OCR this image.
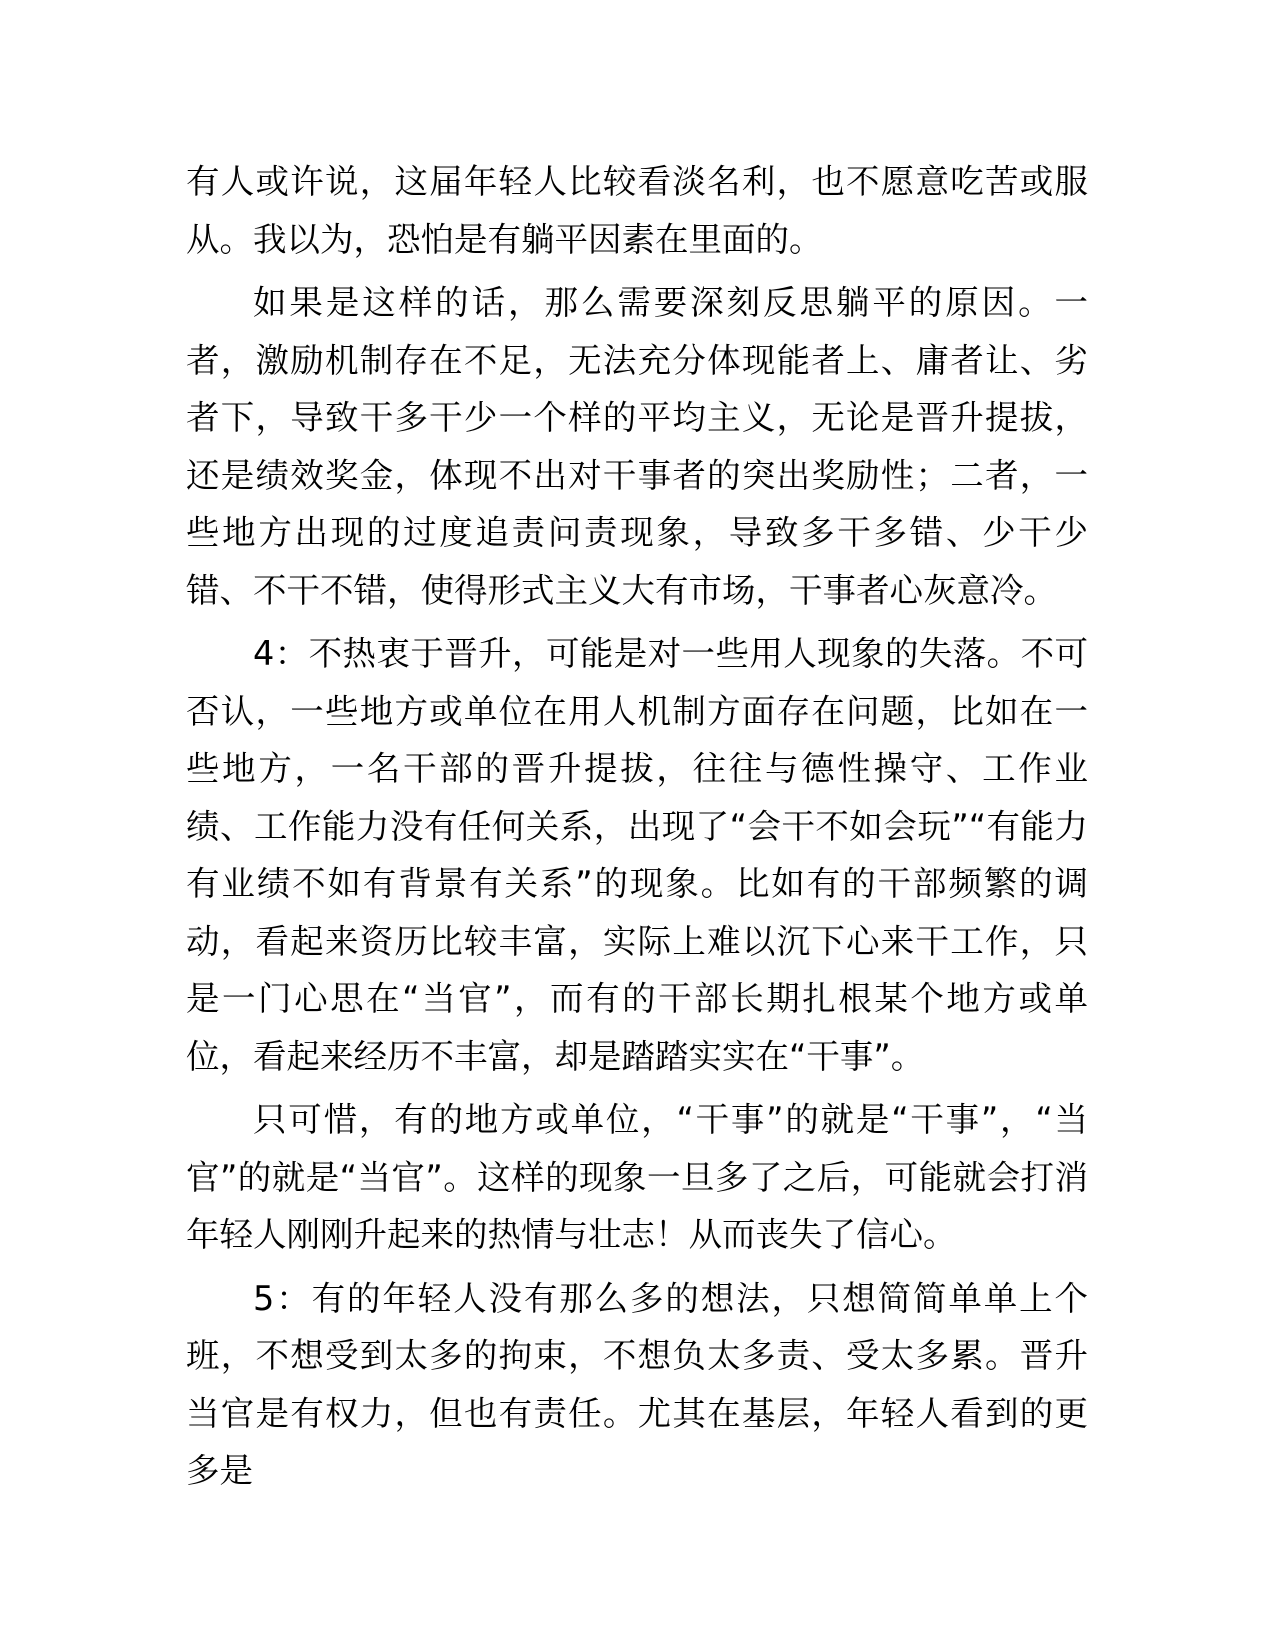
有人或许说，这届年轻人比较看淡名利，也不愿意吃苦或服从。我以为，恐怕是有躺平因素在里面的。

如果是这样的话，那么需要深刻反思躺平的原因。一者，激励机制存在不足，无法充分体现能者上、庸者让、劣者下，导致干多干少一个样的平均主义，无论是晋升提拔，还是绩效奖金，体现不出对干事者的突出奖励性；二者，一些地方出现的过度追责问责现象，导致多干多错、少干少错、不干不错，使得形式主义大有市场，干事者心灰意冷。

4：不热衷于晋升，可能是对一些用人现象的失落。不可否认，一些地方或单位在用人机制方面存在问题，比如在一些地方，一名干部的晋升提拔，往往与德性操守、工作业绩、工作能力没有任何关系，出现了“会干不如会玩”“有能力有业绩不如有背景有关系”的现象。比如有的干部频繁的调动，看起来资历比较丰富，实际上难以沉下心来干工作，只是一门心思在“当官”，而有的干部长期扎根某个地方或单位，看起来经历不丰富，却是踏踏实实在“干事”。

只可惜，有的地方或单位，“干事”的就是“干事”，“当官”的就是“当官”。这样的现象一旦多了之后，可能就会打消年轻人刚刚升起来的热情与壮志！从而丧失了信心。

5：有的年轻人没有那么多的想法，只想简简单单上个班，不想受到太多的拘束，不想负太多责、受太多累。晋升当官是有权力，但也有责任。尤其在基层，年轻人看到的更多是
